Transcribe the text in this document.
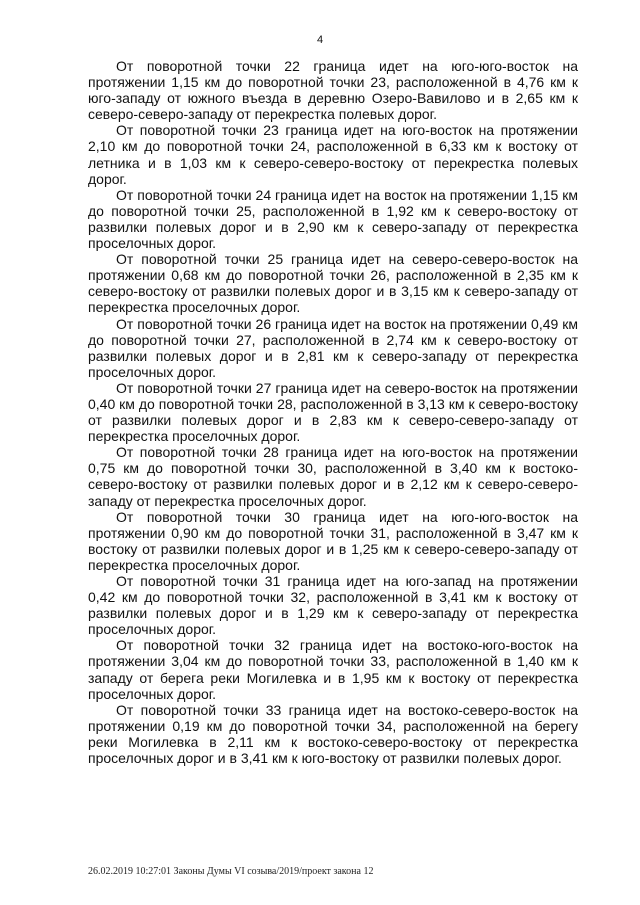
4

От поворотной точки 22 граница идет на юго-юго-восток на протяжении 1,15 км до поворотной точки 23, расположенной в 4,76 км к юго-западу от южного въезда в деревню Озеро-Вавилово и в 2,65 км к северо-северо-западу от перекрестка полевых дорог.

От поворотной точки 23 граница идет на юго-восток на протяжении 2,10 км до поворотной точки 24, расположенной в 6,33 км к востоку от летника и в 1,03 км к северо-северо-востоку от перекрестка полевых дорог.

От поворотной точки 24 граница идет на восток на протяжении 1,15 км до поворотной точки 25, расположенной в 1,92 км к северо-востоку от развилки полевых дорог и в 2,90 км к северо-западу от перекрестка проселочных дорог.

От поворотной точки 25 граница идет на северо-северо-восток на протяжении 0,68 км до поворотной точки 26, расположенной в 2,35 км к северо-востоку от развилки полевых дорог и в 3,15 км к северо-западу от перекрестка проселочных дорог.

От поворотной точки 26 граница идет на восток на протяжении 0,49 км до поворотной точки 27, расположенной в 2,74 км к северо-востоку от развилки полевых дорог и в 2,81 км к северо-западу от перекрестка проселочных дорог.

От поворотной точки 27 граница идет на северо-восток на протяжении 0,40 км до поворотной точки 28, расположенной в 3,13 км к северо-востоку от развилки полевых дорог и в 2,83 км к северо-северо-западу от перекрестка проселочных дорог.

От поворотной точки 28 граница идет на юго-восток на протяжении 0,75 км до поворотной точки 30, расположенной в 3,40 км к востоко-северо-востоку от развилки полевых дорог и в 2,12 км к северо-северо-западу от перекрестка проселочных дорог.

От поворотной точки 30 граница идет на юго-юго-восток на протяжении 0,90 км до поворотной точки 31, расположенной в 3,47 км к востоку от развилки полевых дорог и в 1,25 км к северо-северо-западу от перекрестка проселочных дорог.

От поворотной точки 31 граница идет на юго-запад на протяжении 0,42 км до поворотной точки 32, расположенной в 3,41 км к востоку от развилки полевых дорог и в 1,29 км к северо-западу от перекрестка проселочных дорог.

От поворотной точки 32 граница идет на востоко-юго-восток на протяжении 3,04 км до поворотной точки 33, расположенной в 1,40 км к западу от берега реки Могилевка и в 1,95 км к востоку от перекрестка проселочных дорог.

От поворотной точки 33 граница идет на востоко-северо-восток на протяжении 0,19 км до поворотной точки 34, расположенной на берегу реки Могилевка в 2,11 км к востоко-северо-востоку от перекрестка проселочных дорог и в 3,41 км к юго-востоку от развилки полевых дорог.

26.02.2019 10:27:01 Законы Думы VI созыва/2019/проект закона 12
